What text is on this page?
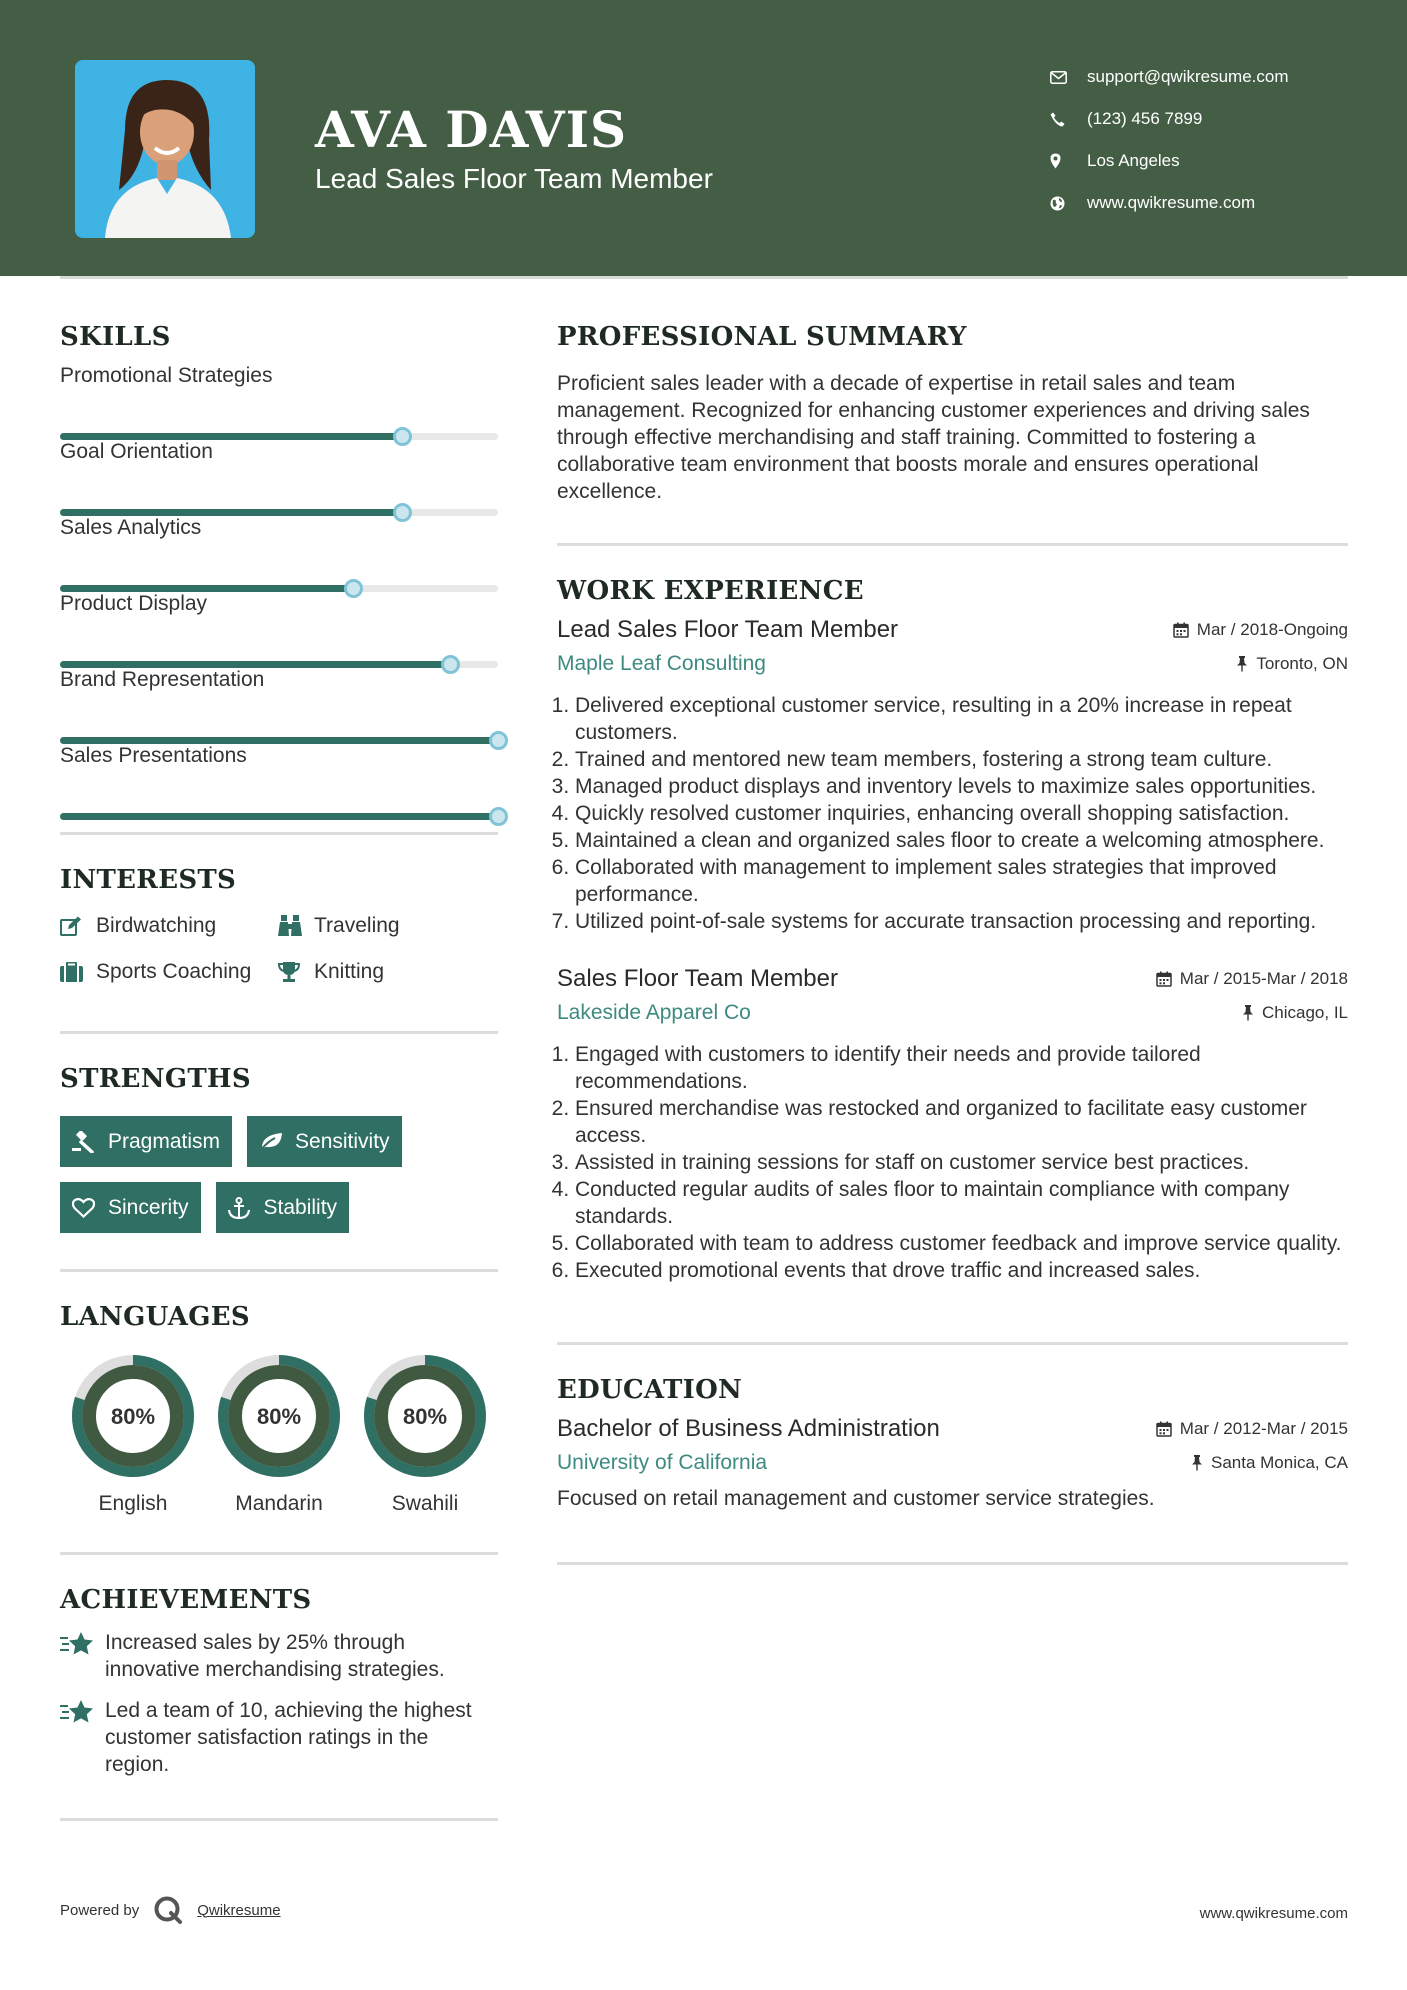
AVA DAVIS
Lead Sales Floor Team Member
support@qwikresume.com
(123) 456 7899
Los Angeles
www.qwikresume.com
SKILLS
Promotional Strategies
Goal Orientation
Sales Analytics
Product Display
Brand Representation
Sales Presentations
INTERESTS
Birdwatching	Traveling
Sports Coaching	Knitting
STRENGTHS
Pragmatism	Sensitivity
Sincerity	Stability
LANGUAGES
80%
English
80%
Mandarin
80%
Swahili
ACHIEVEMENTS
Increased sales by 25% through innovative merchandising strategies.
Led a team of 10, achieving the highest customer satisfaction ratings in the region.
PROFESSIONAL SUMMARY
Proficient sales leader with a decade of expertise in retail sales and team management. Recognized for enhancing customer experiences and driving sales through effective merchandising and staff training. Committed to fostering a collaborative team environment that boosts morale and ensures operational excellence.
WORK EXPERIENCE
Lead Sales Floor Team Member	Mar / 2018-Ongoing
Maple Leaf Consulting	Toronto, ON
1. Delivered exceptional customer service, resulting in a 20% increase in repeat customers.
2. Trained and mentored new team members, fostering a strong team culture.
3. Managed product displays and inventory levels to maximize sales opportunities.
4. Quickly resolved customer inquiries, enhancing overall shopping satisfaction.
5. Maintained a clean and organized sales floor to create a welcoming atmosphere.
6. Collaborated with management to implement sales strategies that improved performance.
7. Utilized point-of-sale systems for accurate transaction processing and reporting.
Sales Floor Team Member	Mar / 2015-Mar / 2018
Lakeside Apparel Co	Chicago, IL
1. Engaged with customers to identify their needs and provide tailored recommendations.
2. Ensured merchandise was restocked and organized to facilitate easy customer access.
3. Assisted in training sessions for staff on customer service best practices.
4. Conducted regular audits of sales floor to maintain compliance with company standards.
5. Collaborated with team to address customer feedback and improve service quality.
6. Executed promotional events that drove traffic and increased sales.
EDUCATION
Bachelor of Business Administration	Mar / 2012-Mar / 2015
University of California	Santa Monica, CA
Focused on retail management and customer service strategies.
Powered by	Qwikresume	www.qwikresume.com
